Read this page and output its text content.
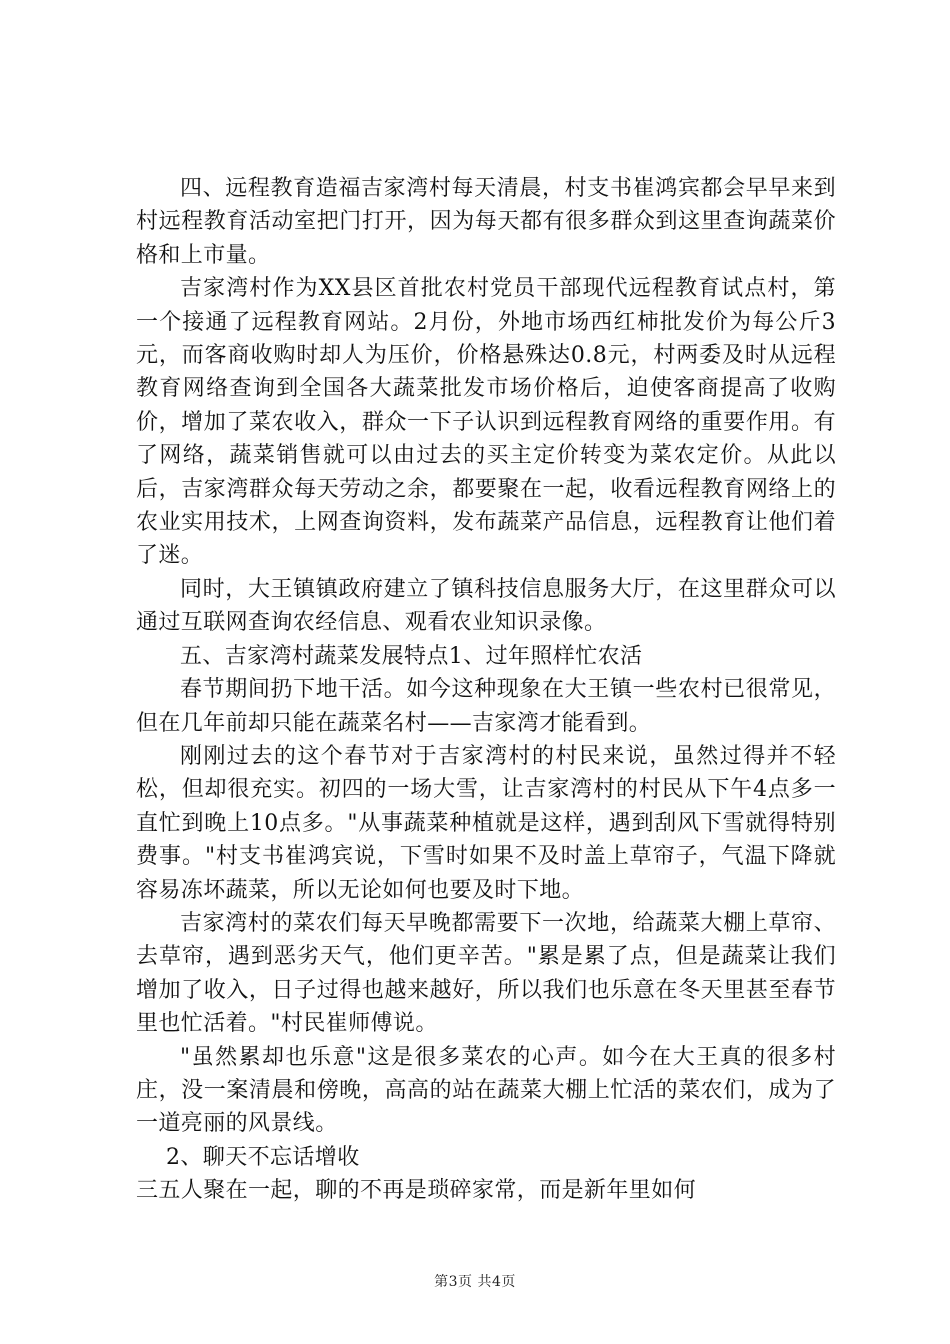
四、远程教育造福吉家湾村每天清晨，村支书崔鸿宾都会早早来到村远程教育活动室把门打开，因为每天都有很多群众到这里查询蔬菜价格和上市量。

吉家湾村作为XX县区首批农村党员干部现代远程教育试点村，第一个接通了远程教育网站。2月份，外地市场西红柿批发价为每公斤3元，而客商收购时却人为压价，价格悬殊达0.8元，村两委及时从远程教育网络查询到全国各大蔬菜批发市场价格后，迫使客商提高了收购价，增加了菜农收入，群众一下子认识到远程教育网络的重要作用。有了网络，蔬菜销售就可以由过去的买主定价转变为菜农定价。从此以后，吉家湾群众每天劳动之余，都要聚在一起，收看远程教育网络上的农业实用技术，上网查询资料，发布蔬菜产品信息，远程教育让他们着了迷。

同时，大王镇镇政府建立了镇科技信息服务大厅，在这里群众可以通过互联网查询农经信息、观看农业知识录像。

五、吉家湾村蔬菜发展特点1、过年照样忙农活

春节期间扔下地干活。如今这种现象在大王镇一些农村已很常见，但在几年前却只能在蔬菜名村——吉家湾才能看到。

刚刚过去的这个春节对于吉家湾村的村民来说，虽然过得并不轻松，但却很充实。初四的一场大雪，让吉家湾村的村民从下午4点多一直忙到晚上10点多。"从事蔬菜种植就是这样，遇到刮风下雪就得特别费事。"村支书崔鸿宾说，下雪时如果不及时盖上草帘子，气温下降就容易冻坏蔬菜，所以无论如何也要及时下地。

吉家湾村的菜农们每天早晚都需要下一次地，给蔬菜大棚上草帘、去草帘，遇到恶劣天气，他们更辛苦。"累是累了点，但是蔬菜让我们增加了收入，日子过得也越来越好，所以我们也乐意在冬天里甚至春节里也忙活着。"村民崔师傅说。

"虽然累却也乐意"这是很多菜农的心声。如今在大王真的很多村庄，没一案清晨和傍晚，高高的站在蔬菜大棚上忙活的菜农们，成为了一道亮丽的风景线。

2、聊天不忘话增收

三五人聚在一起，聊的不再是琐碎家常，而是新年里如何

第3页 共4页
